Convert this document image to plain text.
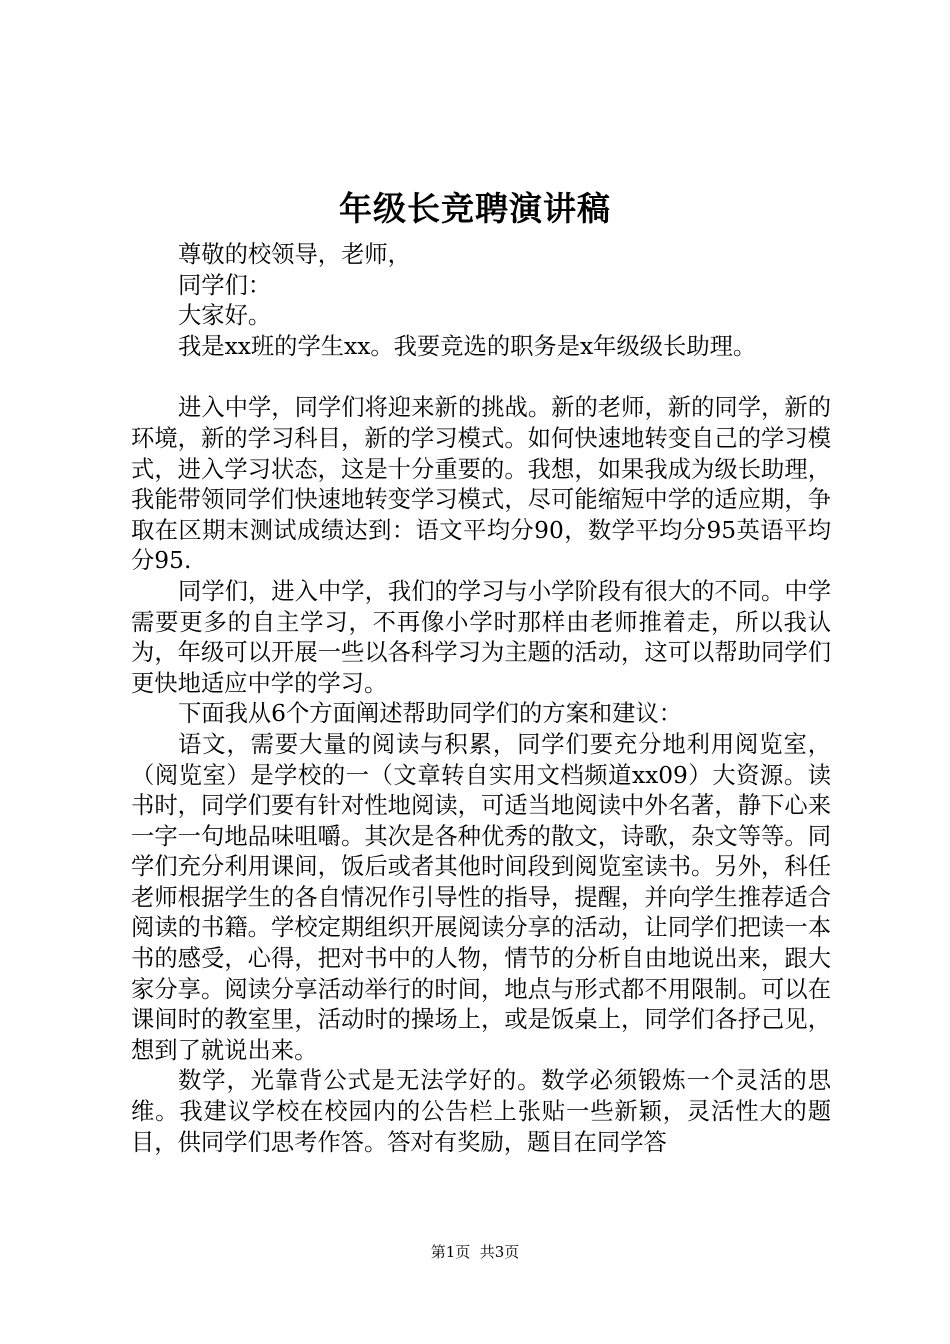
年级长竞聘演讲稿

尊敬的校领导，老师，

同学们：

大家好。

我是xx班的学生xx。我要竞选的职务是x年级级长助理。

进入中学，同学们将迎来新的挑战。新的老师，新的同学，新的环境，新的学习科目，新的学习模式。如何快速地转变自己的学习模式，进入学习状态，这是十分重要的。我想，如果我成为级长助理，我能带领同学们快速地转变学习模式，尽可能缩短中学的适应期，争取在区期末测试成绩达到：语文平均分90，数学平均分95英语平均分95.

同学们，进入中学，我们的学习与小学阶段有很大的不同。中学需要更多的自主学习，不再像小学时那样由老师推着走，所以我认为，年级可以开展一些以各科学习为主题的活动，这可以帮助同学们更快地适应中学的学习。

下面我从6个方面阐述帮助同学们的方案和建议：

语文，需要大量的阅读与积累，同学们要充分地利用阅览室，（阅览室）是学校的一（文章转自实用文档频道xx09）大资源。读书时，同学们要有针对性地阅读，可适当地阅读中外名著，静下心来一字一句地品味咀嚼。其次是各种优秀的散文，诗歌，杂文等等。同学们充分利用课间，饭后或者其他时间段到阅览室读书。另外，科任老师根据学生的各自情况作引导性的指导，提醒，并向学生推荐适合阅读的书籍。学校定期组织开展阅读分享的活动，让同学们把读一本书的感受，心得，把对书中的人物，情节的分析自由地说出来，跟大家分享。阅读分享活动举行的时间，地点与形式都不用限制。可以在课间时的教室里，活动时的操场上，或是饭桌上，同学们各抒己见，想到了就说出来。

数学，光靠背公式是无法学好的。数学必须锻炼一个灵活的思维。我建议学校在校园内的公告栏上张贴一些新颖，灵活性大的题目，供同学们思考作答。答对有奖励，题目在同学答

第1页  共3页
